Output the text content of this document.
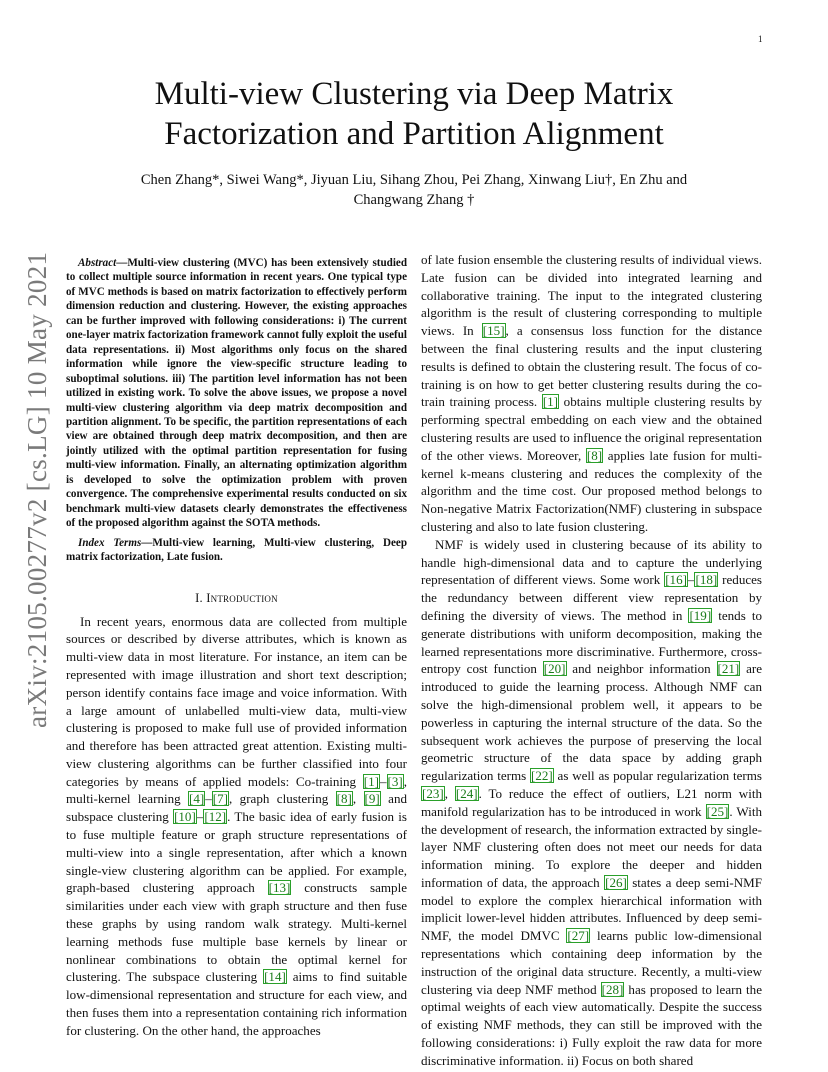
1
arXiv:2105.00277v2 [cs.LG] 10 May 2021
Multi-view Clustering via Deep Matrix Factorization and Partition Alignment
Chen Zhang*, Siwei Wang*, Jiyuan Liu, Sihang Zhou, Pei Zhang, Xinwang Liu†, En Zhu and
Changwang Zhang †

Abstract—Multi-view clustering (MVC) has been extensively studied to collect multiple source information in recent years. One typical type of MVC methods is based on matrix factorization to effectively perform dimension reduction and clustering. However, the existing approaches can be further improved with following considerations: i) The current one-layer matrix factorization framework cannot fully exploit the useful data representations. ii) Most algorithms only focus on the shared information while ignore the view-specific structure leading to suboptimal solutions. iii) The partition level information has not been utilized in existing work. To solve the above issues, we propose a novel multi-view clustering algorithm via deep matrix decomposition and partition alignment. To be specific, the partition representations of each view are obtained through deep matrix decomposition, and then are jointly utilized with the optimal partition representation for fusing multi-view information. Finally, an alternating optimization algorithm is developed to solve the optimization problem with proven convergence. The comprehensive experimental results conducted on six benchmark multi-view datasets clearly demonstrates the effectiveness of the proposed algorithm against the SOTA methods.

Index Terms—Multi-view learning, Multi-view clustering, Deep matrix factorization, Late fusion.

I. Introduction

In recent years, enormous data are collected from multiple sources or described by diverse attributes, which is known as multi-view data in most literature. For instance, an item can be represented with image illustration and short text description; person identify contains face image and voice information. With a large amount of unlabelled multi-view data, multi-view clustering is proposed to make full use of provided information and therefore has been attracted great attention. Existing multi-view clustering algorithms can be further classified into four categories by means of applied models: Co-training [1]–[3], multi-kernel learning [4]–[7], graph clustering [8], [9] and subspace clustering [10]–[12]. The basic idea of early fusion is to fuse multiple feature or graph structure representations of multi-view into a single representation, after which a known single-view clustering algorithm can be applied. For example, graph-based clustering approach [13] constructs sample similarities under each view with graph structure and then fuse these graphs by using random walk strategy. Multi-kernel learning methods fuse multiple base kernels by linear or nonlinear combinations to obtain the optimal kernel for clustering. The subspace clustering [14] aims to find suitable low-dimensional representation and structure for each view, and then fuses them into a representation containing rich information for clustering. On the other hand, the approaches

of late fusion ensemble the clustering results of individual views. Late fusion can be divided into integrated learning and collaborative training. The input to the integrated clustering algorithm is the result of clustering corresponding to multiple views. In [15], a consensus loss function for the distance between the final clustering results and the input clustering results is defined to obtain the clustering result. The focus of co-training is on how to get better clustering results during the co-train training process. [1] obtains multiple clustering results by performing spectral embedding on each view and the obtained clustering results are used to influence the original representation of the other views. Moreover, [8] applies late fusion for multi-kernel k-means clustering and reduces the complexity of the algorithm and the time cost. Our proposed method belongs to Non-negative Matrix Factorization(NMF) clustering in subspace clustering and also to late fusion clustering.

NMF is widely used in clustering because of its ability to handle high-dimensional data and to capture the underlying representation of different views. Some work [16]–[18] reduces the redundancy between different view representation by defining the diversity of views. The method in [19] tends to generate distributions with uniform decomposition, making the learned representations more discriminative. Furthermore, cross-entropy cost function [20] and neighbor information [21] are introduced to guide the learning process. Although NMF can solve the high-dimensional problem well, it appears to be powerless in capturing the internal structure of the data. So the subsequent work achieves the purpose of preserving the local geometric structure of the data space by adding graph regularization terms [22] as well as popular regularization terms [23], [24]. To reduce the effect of outliers, L21 norm with manifold regularization has to be introduced in work [25]. With the development of research, the information extracted by single-layer NMF clustering often does not meet our needs for data information mining. To explore the deeper and hidden information of data, the approach [26] states a deep semi-NMF model to explore the complex hierarchical information with implicit lower-level hidden attributes. Influenced by deep semi-NMF, the model DMVC [27] learns public low-dimensional representations which containing deep information by the instruction of the original data structure. Recently, a multi-view clustering via deep NMF method [28] has proposed to learn the optimal weights of each view automatically. Despite the success of existing NMF methods, they can still be improved with the following considerations: i) Fully exploit the raw data for more discriminative information. ii) Focus on both shared
